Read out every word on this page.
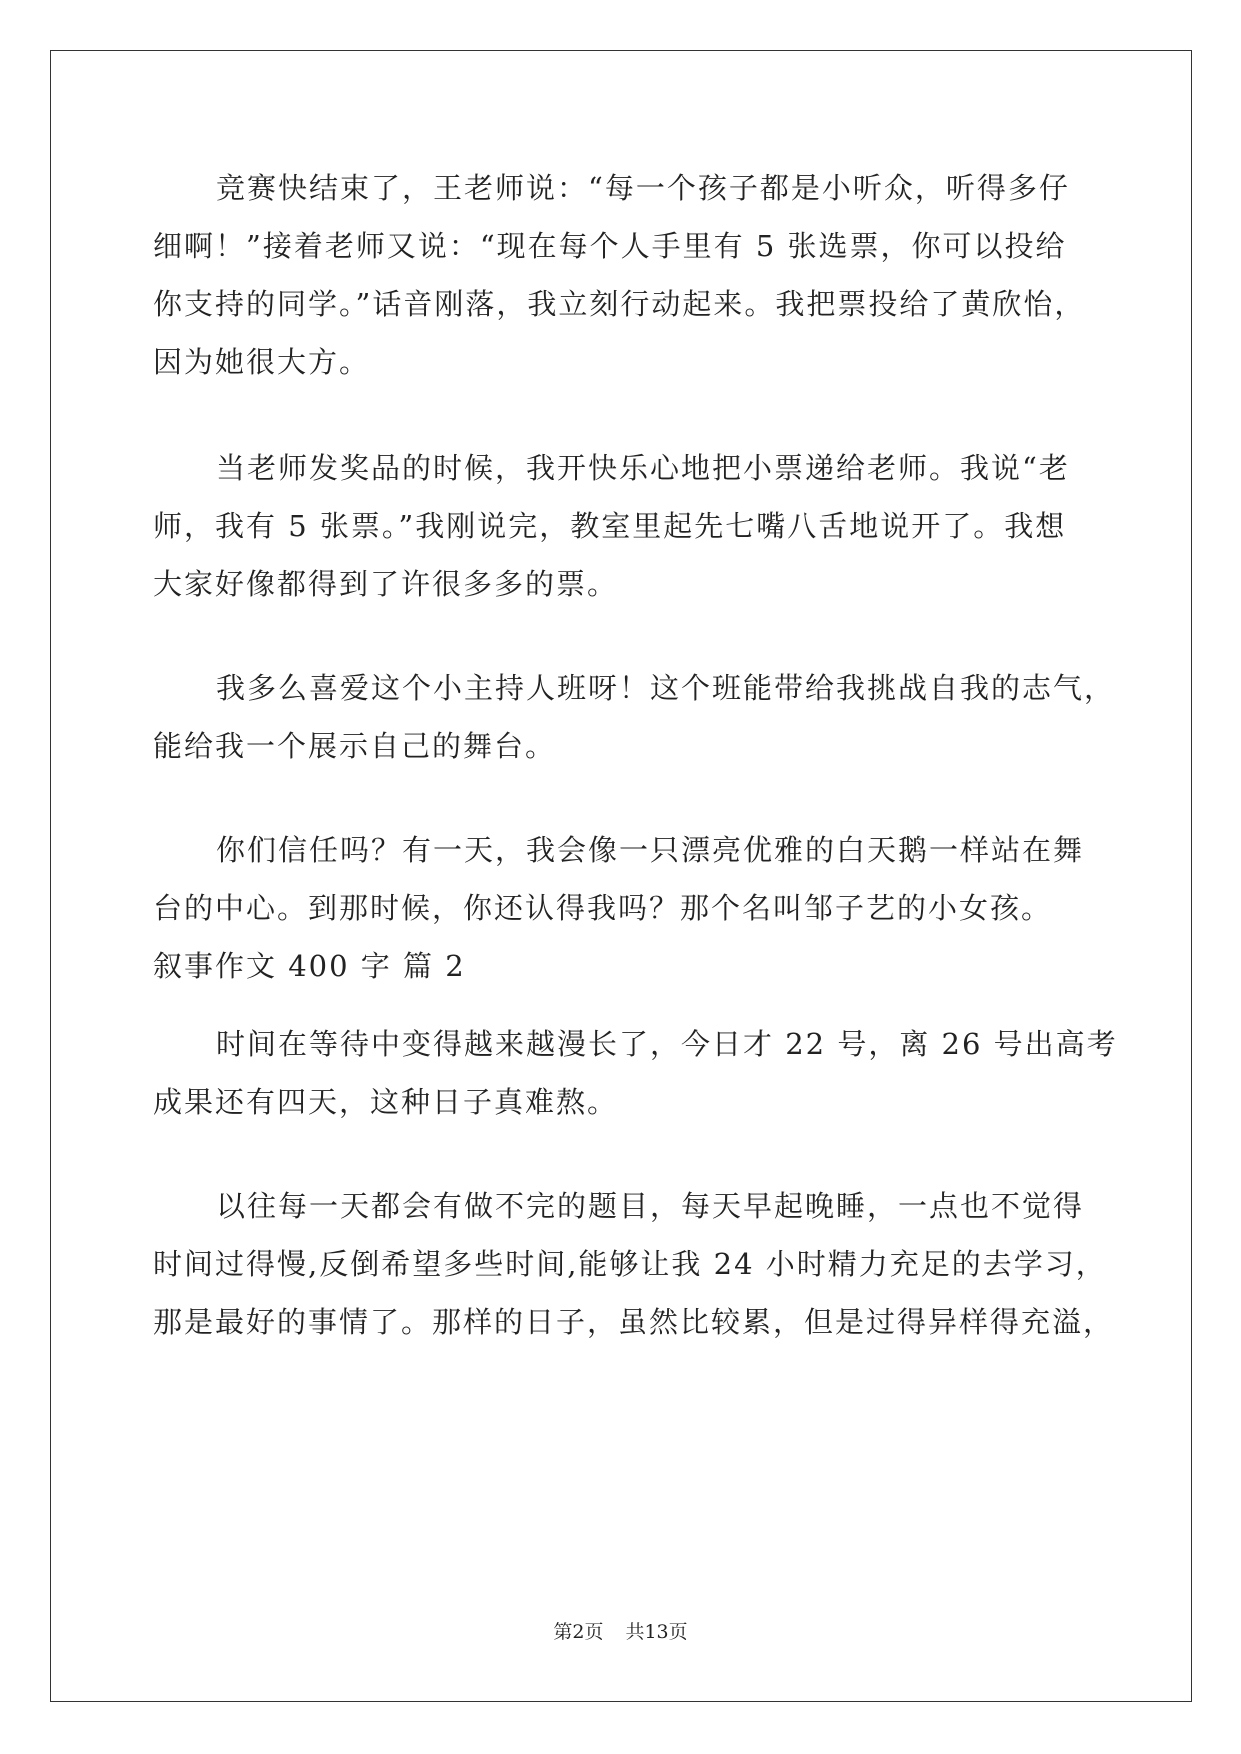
竞赛快结束了，王老师说：“每一个孩子都是小听众，听得多仔
细啊！”接着老师又说：“现在每个人手里有 5 张选票，你可以投给
你支持的同学。”话音刚落，我立刻行动起来。我把票投给了黄欣怡，
因为她很大方。
当老师发奖品的时候，我开快乐心地把小票递给老师。我说“老
师，我有 5 张票。”我刚说完，教室里起先七嘴八舌地说开了。我想
大家好像都得到了许很多多的票。
我多么喜爱这个小主持人班呀！这个班能带给我挑战自我的志气，
能给我一个展示自己的舞台。
你们信任吗？有一天，我会像一只漂亮优雅的白天鹅一样站在舞
台的中心。到那时候，你还认得我吗？那个名叫邹子艺的小女孩。
叙事作文 400 字 篇 2
时间在等待中变得越来越漫长了，今日才 22 号，离 26 号出高考
成果还有四天，这种日子真难熬。
以往每一天都会有做不完的题目，每天早起晚睡，一点也不觉得
时间过得慢,反倒希望多些时间,能够让我 24 小时精力充足的去学习，
那是最好的事情了。那样的日子，虽然比较累，但是过得异样得充溢，
第2页 共13页
